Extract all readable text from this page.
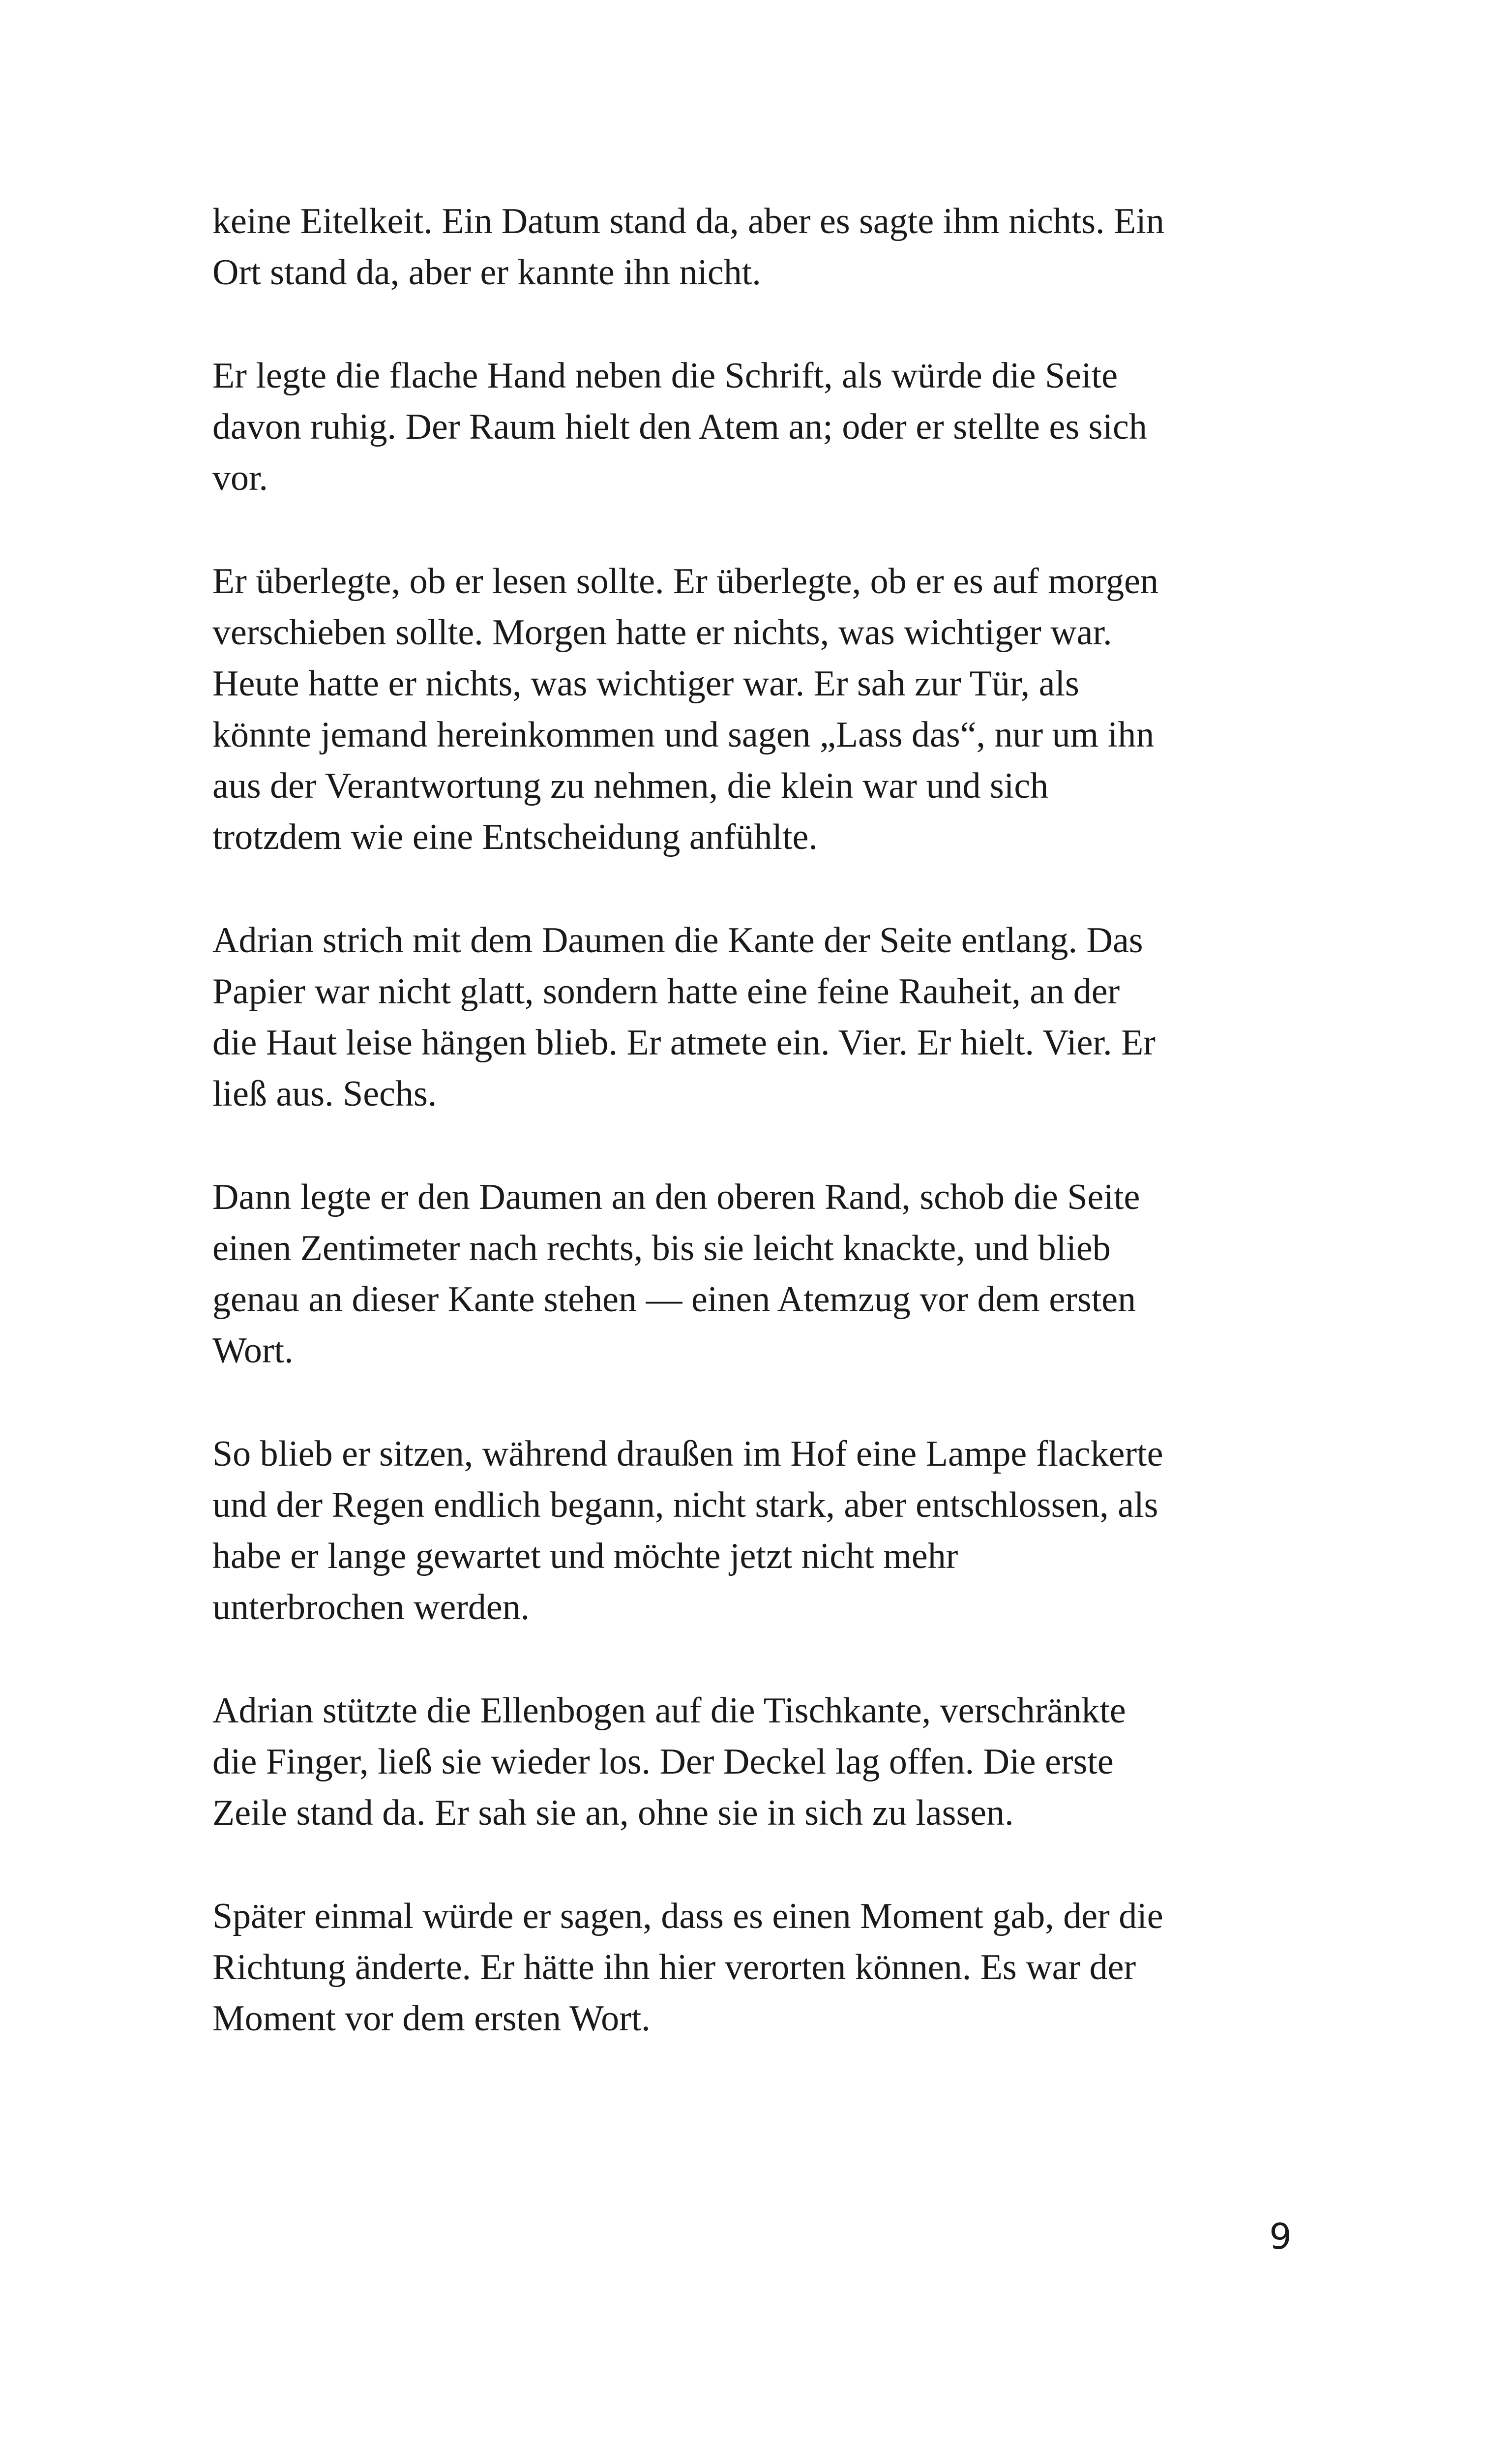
keine Eitelkeit. Ein Datum stand da, aber es sagte ihm nichts. Ein
Ort stand da, aber er kannte ihn nicht.

Er legte die flache Hand neben die Schrift, als würde die Seite
davon ruhig. Der Raum hielt den Atem an; oder er stellte es sich
vor.

Er überlegte, ob er lesen sollte. Er überlegte, ob er es auf morgen
verschieben sollte. Morgen hatte er nichts, was wichtiger war.
Heute hatte er nichts, was wichtiger war. Er sah zur Tür, als
könnte jemand hereinkommen und sagen „Lass das“, nur um ihn
aus der Verantwortung zu nehmen, die klein war und sich
trotzdem wie eine Entscheidung anfühlte.

Adrian strich mit dem Daumen die Kante der Seite entlang. Das
Papier war nicht glatt, sondern hatte eine feine Rauheit, an der
die Haut leise hängen blieb. Er atmete ein. Vier. Er hielt. Vier. Er
ließ aus. Sechs.

Dann legte er den Daumen an den oberen Rand, schob die Seite
einen Zentimeter nach rechts, bis sie leicht knackte, und blieb
genau an dieser Kante stehen — einen Atemzug vor dem ersten
Wort.

So blieb er sitzen, während draußen im Hof eine Lampe flackerte
und der Regen endlich begann, nicht stark, aber entschlossen, als
habe er lange gewartet und möchte jetzt nicht mehr
unterbrochen werden.

Adrian stützte die Ellenbogen auf die Tischkante, verschränkte
die Finger, ließ sie wieder los. Der Deckel lag offen. Die erste
Zeile stand da. Er sah sie an, ohne sie in sich zu lassen.

Später einmal würde er sagen, dass es einen Moment gab, der die
Richtung änderte. Er hätte ihn hier verorten können. Es war der
Moment vor dem ersten Wort.

9
